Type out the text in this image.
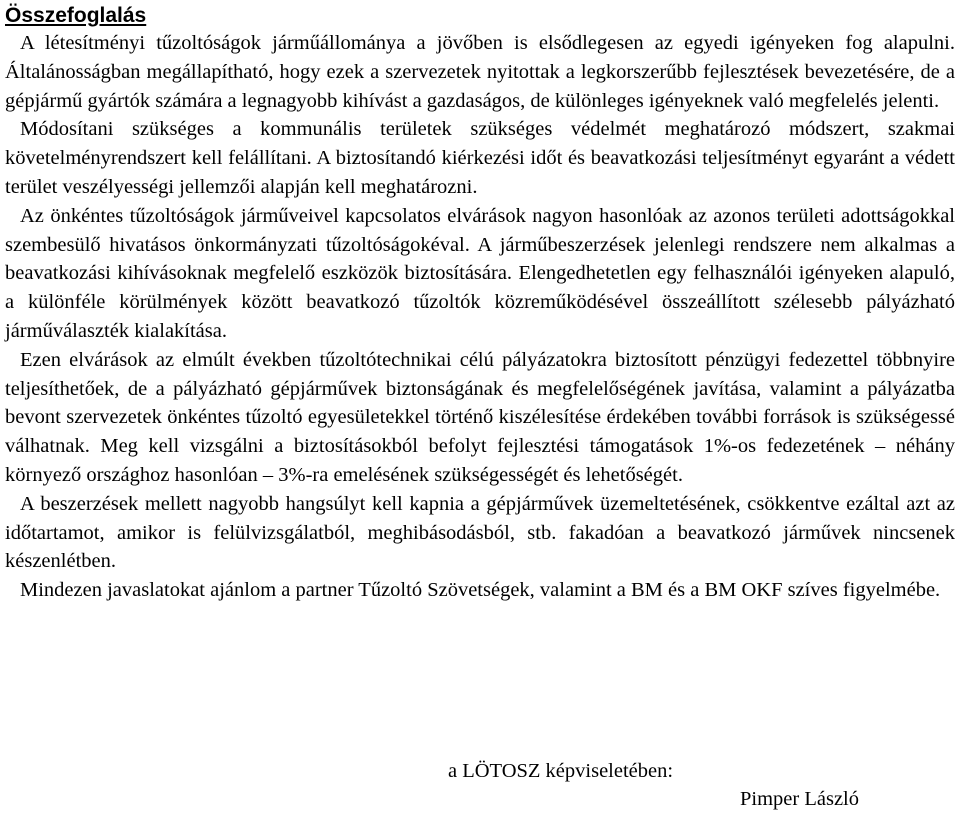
Összefoglalás

A létesítményi tűzoltóságok járműállománya a jövőben is elsődlegesen az egyedi igényeken fog alapulni. Általánosságban megállapítható, hogy ezek a szervezetek nyitottak a legkorszerűbb fejlesztések bevezetésére, de a gépjármű gyártók számára a legnagyobb kihívást a gazdaságos, de különleges igényeknek való megfelelés jelenti.

Módosítani szükséges a kommunális területek szükséges védelmét meghatározó módszert, szakmai követelményrendszert kell felállítani. A biztosítandó kiérkezési időt és beavatkozási teljesítményt egyaránt a védett terület veszélyességi jellemzői alapján kell meghatározni.

Az önkéntes tűzoltóságok járműveivel kapcsolatos elvárások nagyon hasonlóak az azonos területi adottságokkal szembesülő hivatásos önkormányzati tűzoltóságokéval. A járműbeszerzések jelenlegi rendszere nem alkalmas a beavatkozási kihívásoknak megfelelő eszközök biztosítására. Elengedhetetlen egy felhasználói igényeken alapuló, a különféle körülmények között beavatkozó tűzoltók közreműködésével összeállított szélesebb pályázható járműválaszték kialakítása.

Ezen elvárások az elmúlt években tűzoltótechnikai célú pályázatokra biztosított pénzügyi fedezettel többnyire teljesíthetőek, de a pályázható gépjárművek biztonságának és megfelelőségének javítása, valamint a pályázatba bevont szervezetek önkéntes tűzoltó egyesületekkel történő kiszélesítése érdekében további források is szükségessé válhatnak. Meg kell vizsgálni a biztosításokból befolyt fejlesztési támogatások 1%-os fedezetének – néhány környező országhoz hasonlóan – 3%-ra emelésének szükségességét és lehetőségét.

A beszerzések mellett nagyobb hangsúlyt kell kapnia a gépjárművek üzemeltetésének, csökkentve ezáltal azt az időtartamot, amikor is felülvizsgálatból, meghibásodásból, stb. fakadóan a beavatkozó járművek nincsenek készenlétben.

Mindezen javaslatokat ajánlom a partner Tűzoltó Szövetségek, valamint a BM és a BM OKF szíves figyelmébe.

a LÖTOSZ képviseletében:
Pimper László
